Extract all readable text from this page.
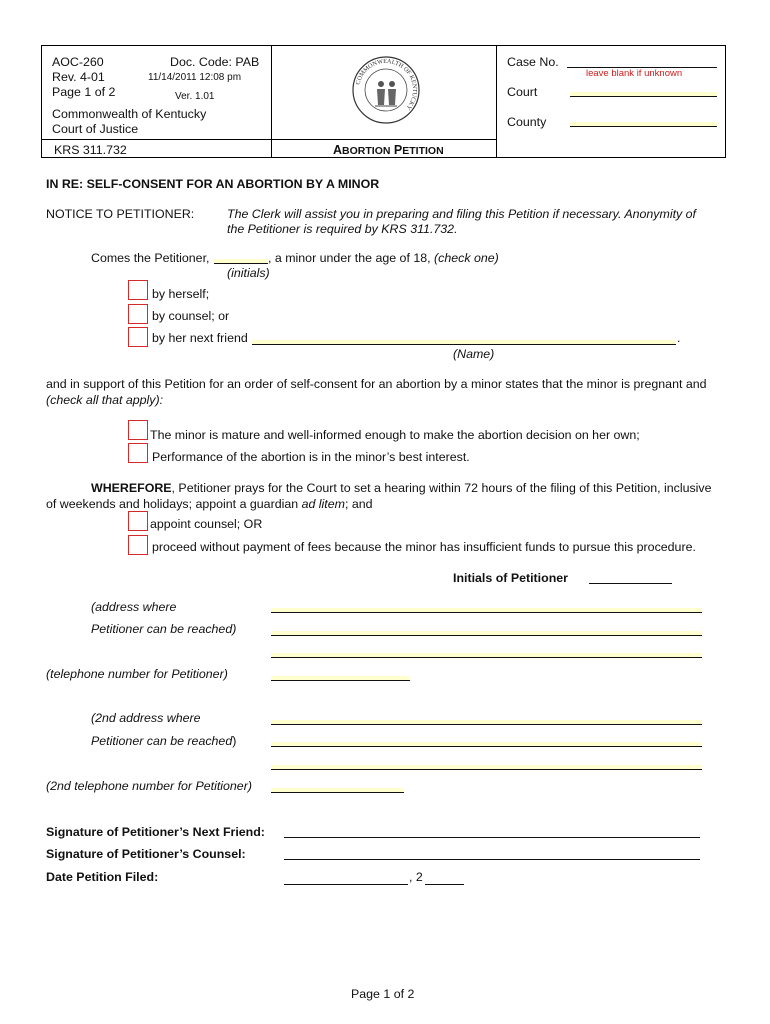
AOC-260
Rev. 4-01
Page 1 of 2
Doc. Code: PAB
11/14/2011 12:08 pm
Ver. 1.01
Commonwealth of Kentucky
Court of Justice
KRS 311.732
COMMONWEALTH OF KENTUCKY
ABORTION PETITION
Case No.
leave blank if unknown
Court
County
IN RE: SELF-CONSENT FOR AN ABORTION BY A MINOR
NOTICE TO PETITIONER:	The Clerk will assist you in preparing and filing this Petition if necessary. Anonymity of
the Petitioner is required by KRS 311.732.
Comes the Petitioner,	, a minor under the age of 18, (check one)
(initials)
by herself;
by counsel; or
by her next friend	.
(Name)
and in support of this Petition for an order of self-consent for an abortion by a minor states that the minor is pregnant and
(check all that apply):
The minor is mature and well-informed enough to make the abortion decision on her own;
Performance of the abortion is in the minor’s best interest.
WHEREFORE, Petitioner prays for the Court to set a hearing within 72 hours of the filing of this Petition, inclusive
of weekends and holidays; appoint a guardian ad litem; and
appoint counsel; OR
proceed without payment of fees because the minor has insufficient funds to pursue this procedure.
Initials of Petitioner
(address where
Petitioner can be reached)
(telephone number for Petitioner)
(2nd address where
Petitioner can be reached)
(2nd telephone number for Petitioner)
Signature of Petitioner’s Next Friend:
Signature of Petitioner’s Counsel:
Date Petition Filed:	, 2
Page 1 of 2
